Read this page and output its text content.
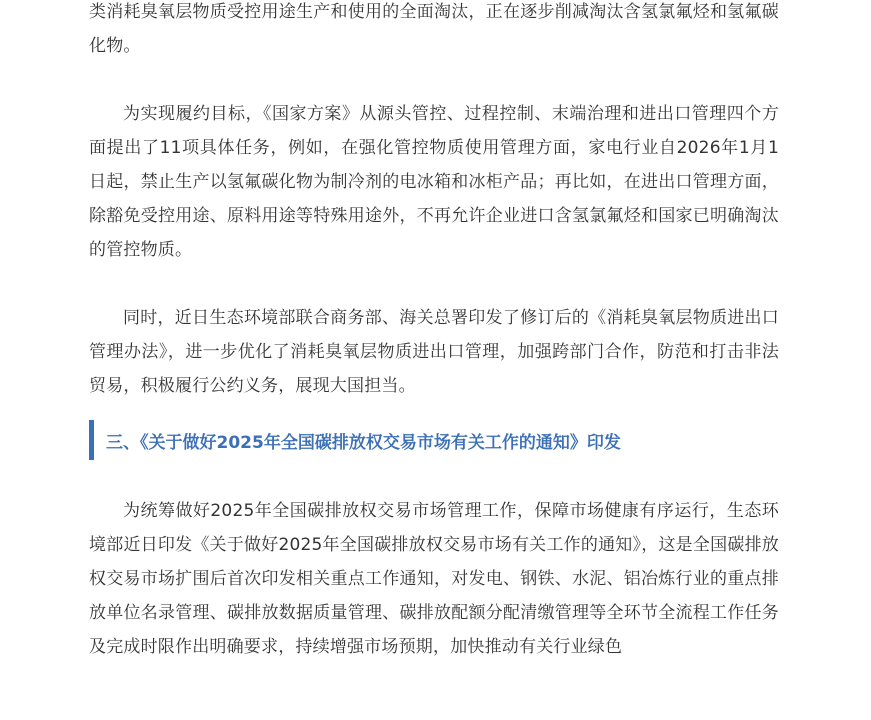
类消耗臭氧层物质受控用途生产和使用的全面淘汰，正在逐步削减淘汰含氢氯氟烃和氢氟碳化物。

为实现履约目标，《国家方案》从源头管控、过程控制、末端治理和进出口管理四个方面提出了11项具体任务，例如，在强化管控物质使用管理方面，家电行业自2026年1月1日起，禁止生产以氢氟碳化物为制冷剂的电冰箱和冰柜产品；再比如，在进出口管理方面，除豁免受控用途、原料用途等特殊用途外，不再允许企业进口含氢氯氟烃和国家已明确淘汰的管控物质。

同时，近日生态环境部联合商务部、海关总署印发了修订后的《消耗臭氧层物质进出口管理办法》，进一步优化了消耗臭氧层物质进出口管理，加强跨部门合作，防范和打击非法贸易，积极履行公约义务，展现大国担当。

三、《关于做好2025年全国碳排放权交易市场有关工作的通知》印发

为统筹做好2025年全国碳排放权交易市场管理工作，保障市场健康有序运行，生态环境部近日印发《关于做好2025年全国碳排放权交易市场有关工作的通知》，这是全国碳排放权交易市场扩围后首次印发相关重点工作通知，对发电、钢铁、水泥、铝冶炼行业的重点排放单位名录管理、碳排放数据质量管理、碳排放配额分配清缴管理等全环节全流程工作任务及完成时限作出明确要求，持续增强市场预期，加快推动有关行业绿色
